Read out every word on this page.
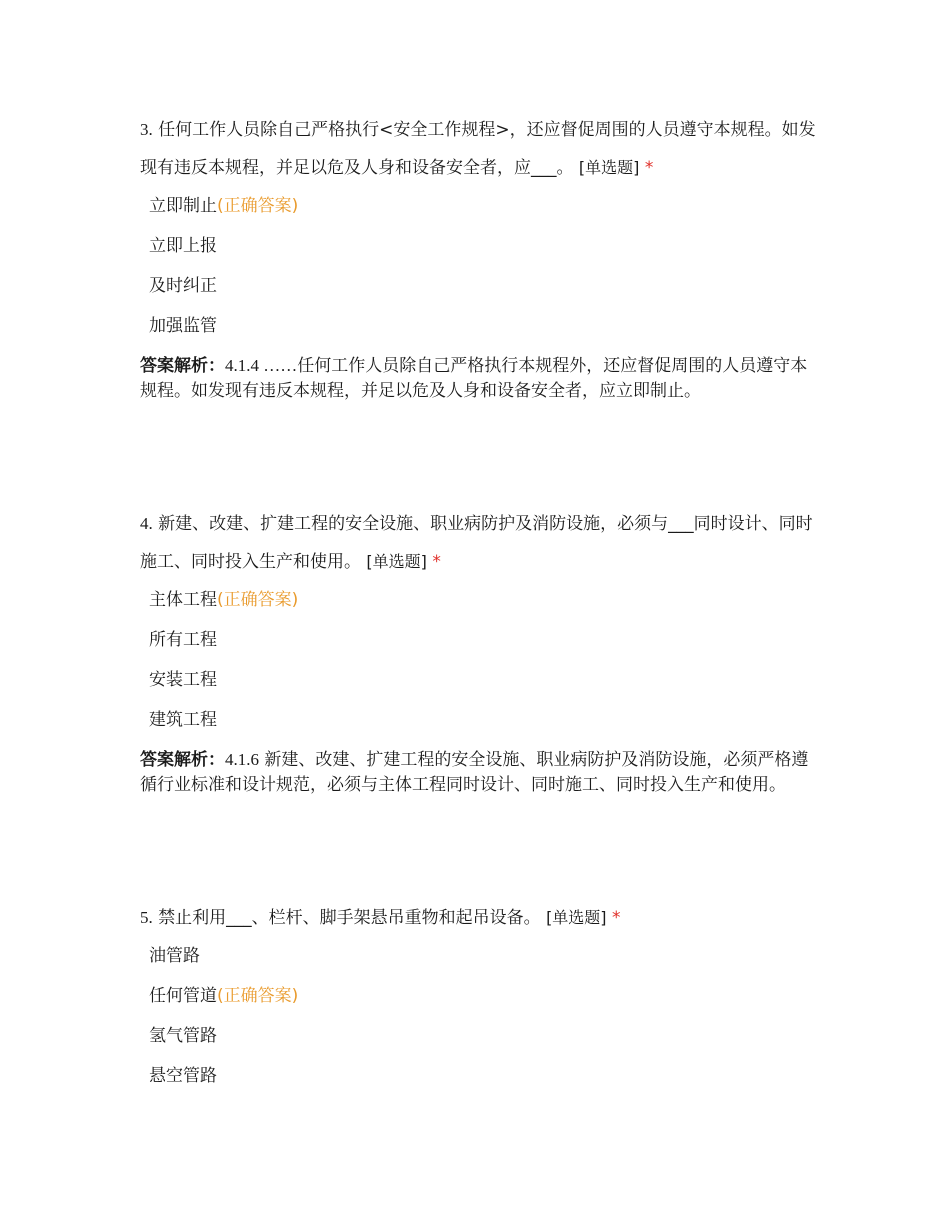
3. 任何工作人员除自己严格执行<安全工作规程>，还应督促周围的人员遵守本规程。如发现有违反本规程，并足以危及人身和设备安全者，应___。 [单选题] *
立即制止(正确答案)
立即上报
及时纠正
加强监管
答案解析：4.1.4 ……任何工作人员除自己严格执行本规程外，还应督促周围的人员遵守本规程。如发现有违反本规程，并足以危及人身和设备安全者，应立即制止。
4. 新建、改建、扩建工程的安全设施、职业病防护及消防设施，必须与___同时设计、同时施工、同时投入生产和使用。 [单选题] *
主体工程(正确答案)
所有工程
安装工程
建筑工程
答案解析：4.1.6 新建、改建、扩建工程的安全设施、职业病防护及消防设施，必须严格遵循行业标准和设计规范，必须与主体工程同时设计、同时施工、同时投入生产和使用。
5. 禁止利用___、栏杆、脚手架悬吊重物和起吊设备。 [单选题] *
油管路
任何管道(正确答案)
氢气管路
悬空管路
